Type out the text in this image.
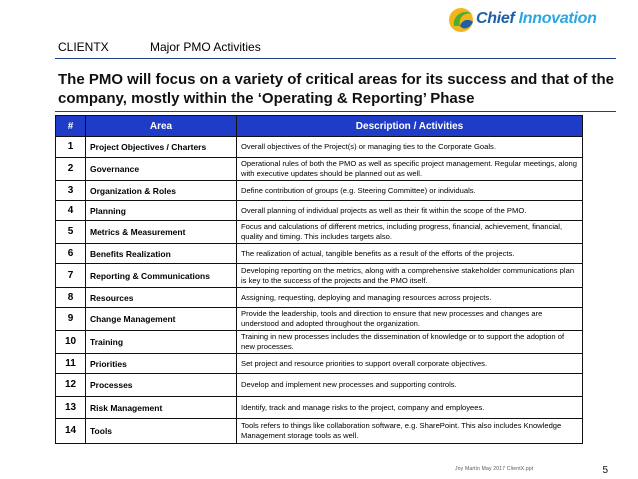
CLIENTX	Major PMO Activities
Chief Innovation
The PMO will focus on a variety of critical areas for its success and that of the company, mostly within the ‘Operating & Reporting’ Phase
#	Area	Description / Activities
1	Project Objectives / Charters	Overall objectives of the Project(s) or managing ties to the Corporate Goals.
2	Governance	Operational rules of both the PMO as well as specific project management. Regular meetings, along with executive updates should be planned out as well.
3	Organization & Roles	Define contribution of groups (e.g. Steering Committee) or individuals.
4	Planning	Overall planning of individual projects as well as their fit within the scope of the PMO.
5	Metrics & Measurement	Focus and calculations of different metrics, including progress, financial, achievement, financial, quality and timing. This includes targets also.
6	Benefits Realization	The realization of actual, tangible benefits as a result of the efforts of the projects.
7	Reporting & Communications	Developing reporting on the metrics, along with a comprehensive stakeholder communications plan is key to the success of the projects and the PMO itself.
8	Resources	Assigning, requesting, deploying and managing resources across projects.
9	Change Management	Provide the leadership, tools and direction to ensure that new processes and changes are understood and adopted throughout the organization.
10	Training	Training in new processes includes the dissemination of knowledge or to support the adoption of new processes.
11	Priorities	Set project and resource priorities to support overall corporate objectives.
12	Processes	Develop and implement new processes and supporting controls.
13	Risk Management	Identify, track and manage risks to the project, company and employees.
14	Tools	Tools refers to things like collaboration software, e.g. SharePoint. This also includes Knowledge Management storage tools as well.
Joy Martin May 2017 ClientX.ppt	5
